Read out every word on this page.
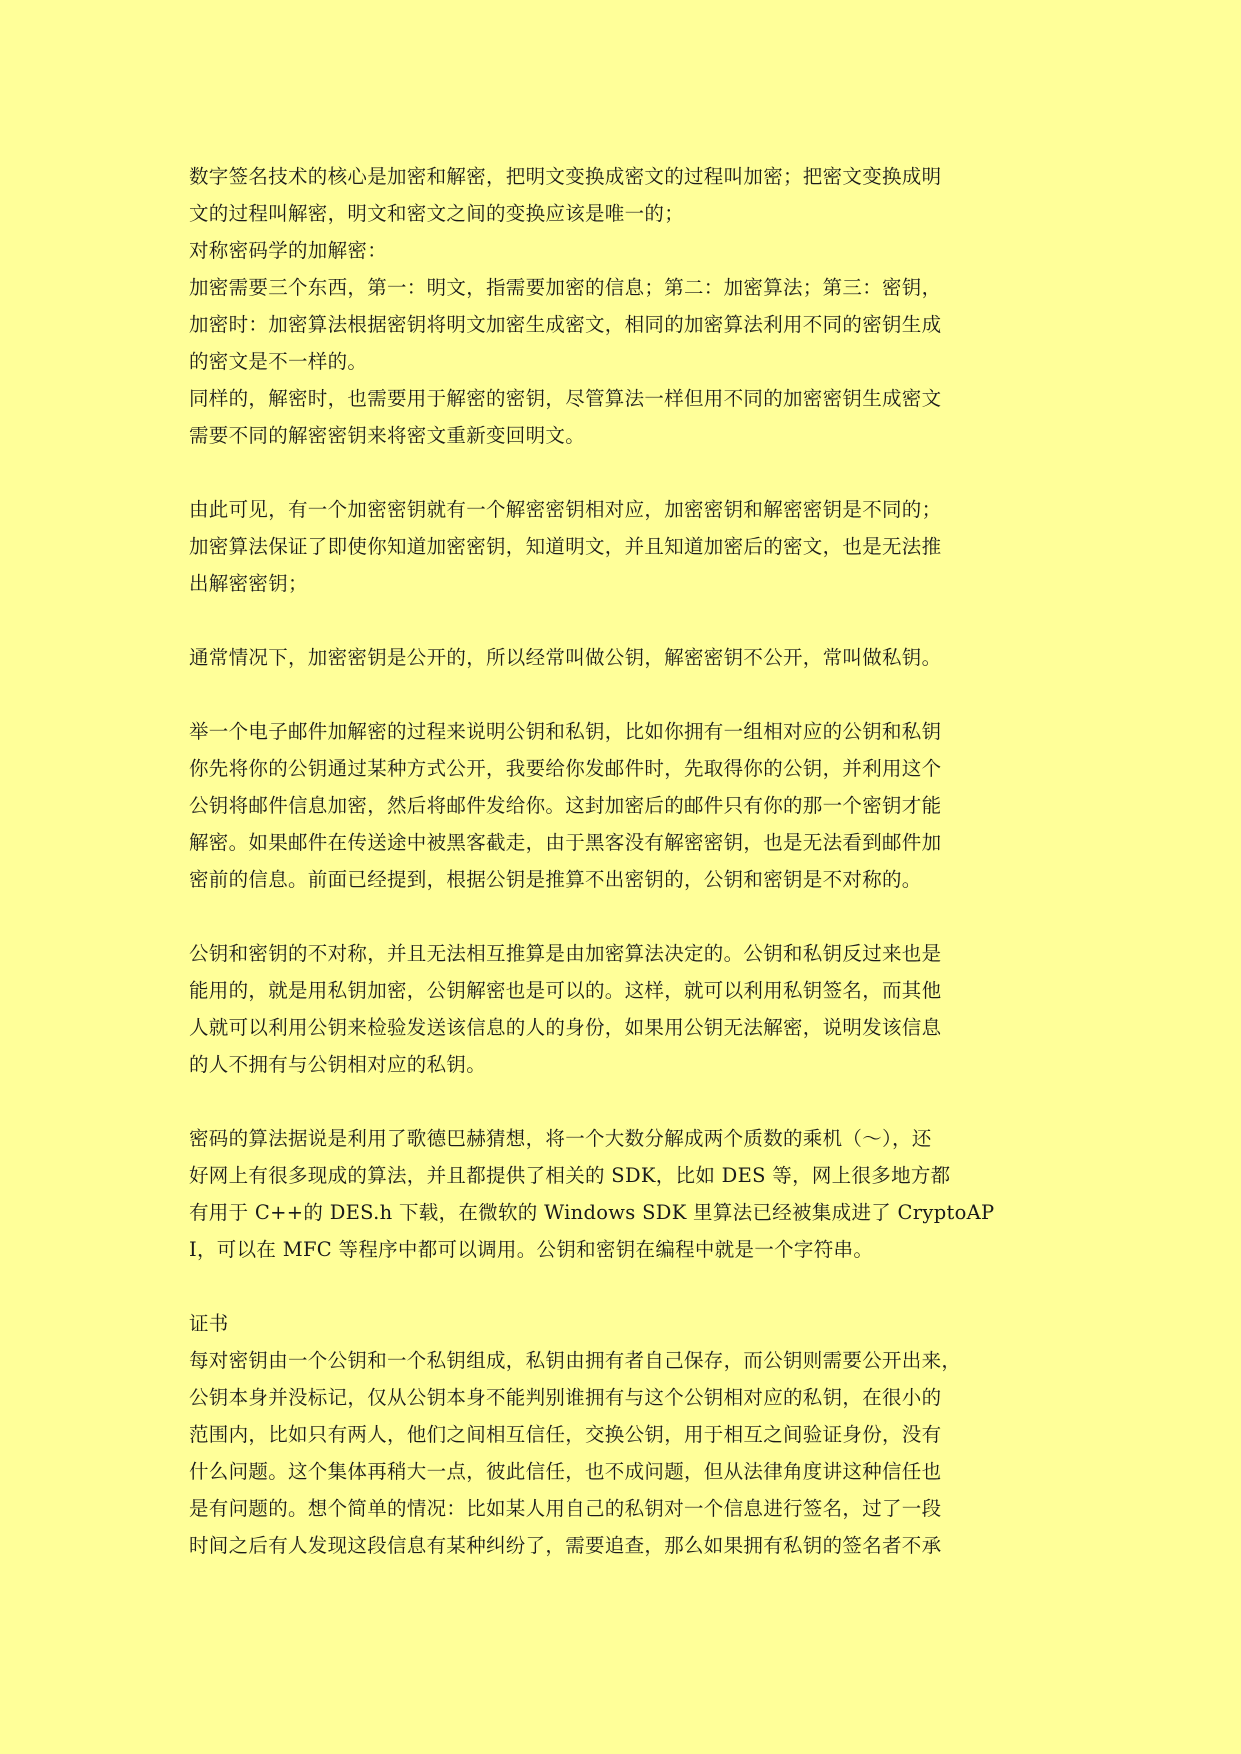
数字签名技术的核心是加密和解密，把明文变换成密文的过程叫加密；把密文变换成明
文的过程叫解密，明文和密文之间的变换应该是唯一的；
对称密码学的加解密：
加密需要三个东西，第一：明文，指需要加密的信息；第二：加密算法；第三：密钥，
加密时：加密算法根据密钥将明文加密生成密文，相同的加密算法利用不同的密钥生成
的密文是不一样的。
同样的，解密时，也需要用于解密的密钥，尽管算法一样但用不同的加密密钥生成密文
需要不同的解密密钥来将密文重新变回明文。
由此可见，有一个加密密钥就有一个解密密钥相对应，加密密钥和解密密钥是不同的；
加密算法保证了即使你知道加密密钥，知道明文，并且知道加密后的密文，也是无法推
出解密密钥；
通常情况下，加密密钥是公开的，所以经常叫做公钥，解密密钥不公开，常叫做私钥。
举一个电子邮件加解密的过程来说明公钥和私钥，比如你拥有一组相对应的公钥和私钥
你先将你的公钥通过某种方式公开，我要给你发邮件时，先取得你的公钥，并利用这个
公钥将邮件信息加密，然后将邮件发给你。这封加密后的邮件只有你的那一个密钥才能
解密。如果邮件在传送途中被黑客截走，由于黑客没有解密密钥，也是无法看到邮件加
密前的信息。前面已经提到，根据公钥是推算不出密钥的，公钥和密钥是不对称的。
公钥和密钥的不对称，并且无法相互推算是由加密算法决定的。公钥和私钥反过来也是
能用的，就是用私钥加密，公钥解密也是可以的。这样，就可以利用私钥签名，而其他
人就可以利用公钥来检验发送该信息的人的身份，如果用公钥无法解密，说明发该信息
的人不拥有与公钥相对应的私钥。
密码的算法据说是利用了歌德巴赫猜想，将一个大数分解成两个质数的乘机（～），还
好网上有很多现成的算法，并且都提供了相关的 SDK，比如 DES 等，网上很多地方都
有用于 C++的 DES.h 下载，在微软的 Windows SDK 里算法已经被集成进了 CryptoAP
I，可以在 MFC 等程序中都可以调用。公钥和密钥在编程中就是一个字符串。
证书
每对密钥由一个公钥和一个私钥组成，私钥由拥有者自己保存，而公钥则需要公开出来，
公钥本身并没标记，仅从公钥本身不能判别谁拥有与这个公钥相对应的私钥，在很小的
范围内，比如只有两人，他们之间相互信任，交换公钥，用于相互之间验证身份，没有
什么问题。这个集体再稍大一点，彼此信任，也不成问题，但从法律角度讲这种信任也
是有问题的。想个简单的情况：比如某人用自己的私钥对一个信息进行签名，过了一段
时间之后有人发现这段信息有某种纠纷了，需要追查，那么如果拥有私钥的签名者不承
